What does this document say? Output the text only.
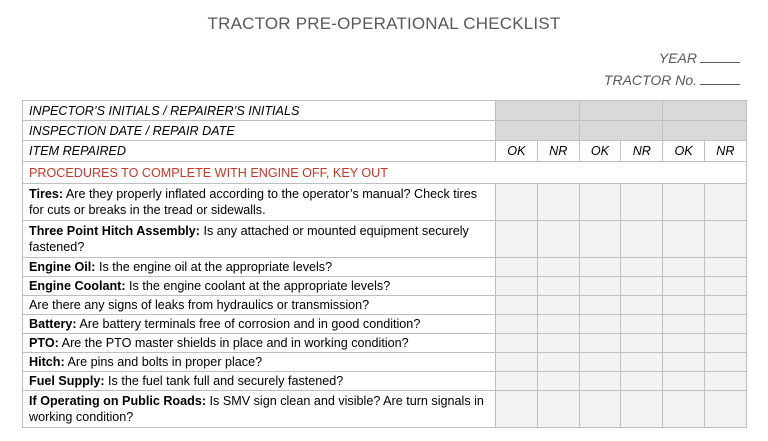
TRACTOR PRE-OPERATIONAL CHECKLIST
YEAR
TRACTOR No.
INPECTOR’S INITIALS / REPAIRER’S INITIALS						
INSPECTION DATE / REPAIR DATE						
ITEM REPAIRED	OK	NR	OK	NR	OK	NR
PROCEDURES TO COMPLETE WITH ENGINE OFF, KEY OUT						
Tires: Are they properly inflated according to the operator’s manual? Check tires for cuts or breaks in the tread or sidewalls.						
Three Point Hitch Assembly: Is any attached or mounted equipment securely fastened?						
Engine Oil: Is the engine oil at the appropriate levels?						
Engine Coolant: Is the engine coolant at the appropriate levels?						
Are there any signs of leaks from hydraulics or transmission?						
Battery: Are battery terminals free of corrosion and in good condition?						
PTO: Are the PTO master shields in place and in working condition?						
Hitch: Are pins and bolts in proper place?						
Fuel Supply: Is the fuel tank full and securely fastened?						
If Operating on Public Roads: Is SMV sign clean and visible? Are turn signals in working condition?						
